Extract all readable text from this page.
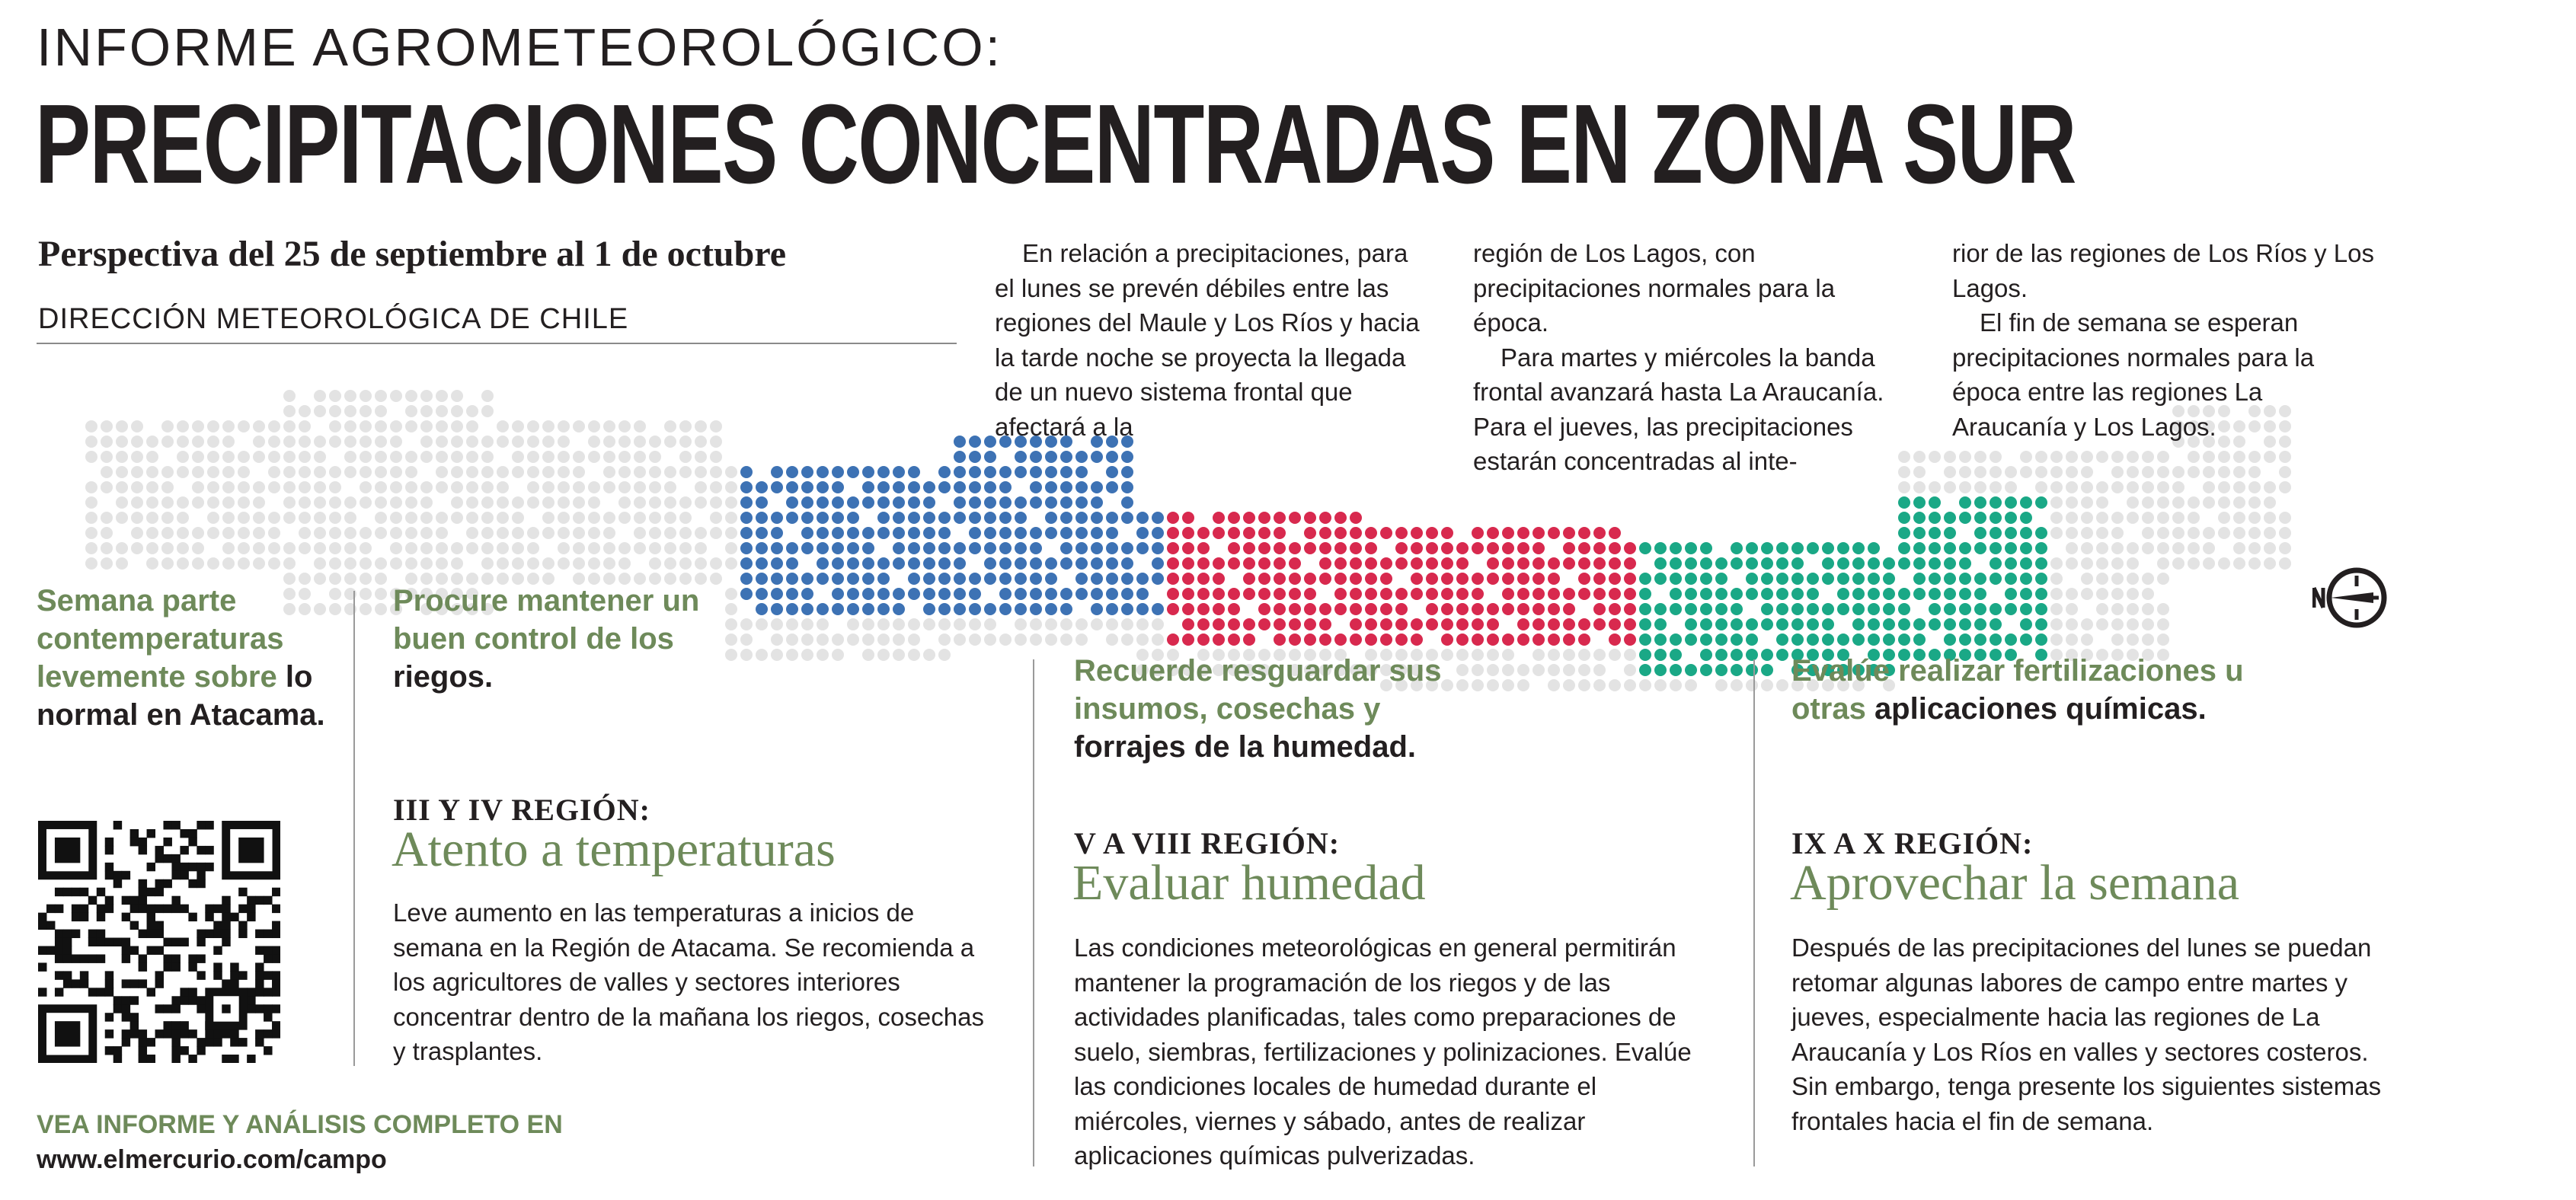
INFORME AGROMETEOROLÓGICO:
PRECIPITACIONES CONCENTRADAS EN ZONA SUR
Perspectiva del 25 de septiembre al 1 de octubre
DIRECCIÓN METEOROLÓGICA DE CHILE
En relación a precipitaciones, para el lunes se prevén débiles entre las regiones del Maule y Los Ríos y hacia la tarde noche se proyecta la llegada de un nuevo sistema frontal que afectará a la
región de Los Lagos, con precipitaciones normales para la época.
Para martes y miércoles la banda frontal avanzará hasta La Araucanía. Para el jueves, las precipitaciones estarán concentradas al inte-
rior de las regiones de Los Ríos y Los Lagos.
El fin de semana se esperan precipitaciones normales para la época entre las regiones La Araucanía y Los Lagos.
Semana parte contemperaturas levemente sobre lo normal en Atacama.
Procure mantener un buen control de los riegos.	Recuerde resguardar sus insumos, cosechas y forrajes de la humedad.
Evalúe realizar fertilizaciones u otras aplicaciones químicas.
III Y IV REGIÓN:
Atento a temperaturas
Leve aumento en las temperaturas a inicios de semana en la Región de Atacama. Se recomienda a los agricultores de valles y sectores interiores concentrar dentro de la mañana los riegos, cosechas y trasplantes.
V A VIII REGIÓN:
Evaluar humedad
Las condiciones meteorológicas en general permitirán mantener la programación de los riegos y de las actividades planificadas, tales como preparaciones de suelo, siembras, fertilizaciones y polinizaciones. Evalúe las condiciones locales de humedad durante el miércoles, viernes y sábado, antes de realizar aplicaciones químicas pulverizadas.
IX A X REGIÓN:
Aprovechar la semana
Después de las precipitaciones del lunes se puedan retomar algunas labores de campo entre martes y jueves, especialmente hacia las regiones de La Araucanía y Los Ríos en valles y sectores costeros. Sin embargo, tenga presente los siguientes sistemas frontales hacia el fin de semana.
VEA INFORME Y ANÁLISIS COMPLETO EN
www.elmercurio.com/campo
